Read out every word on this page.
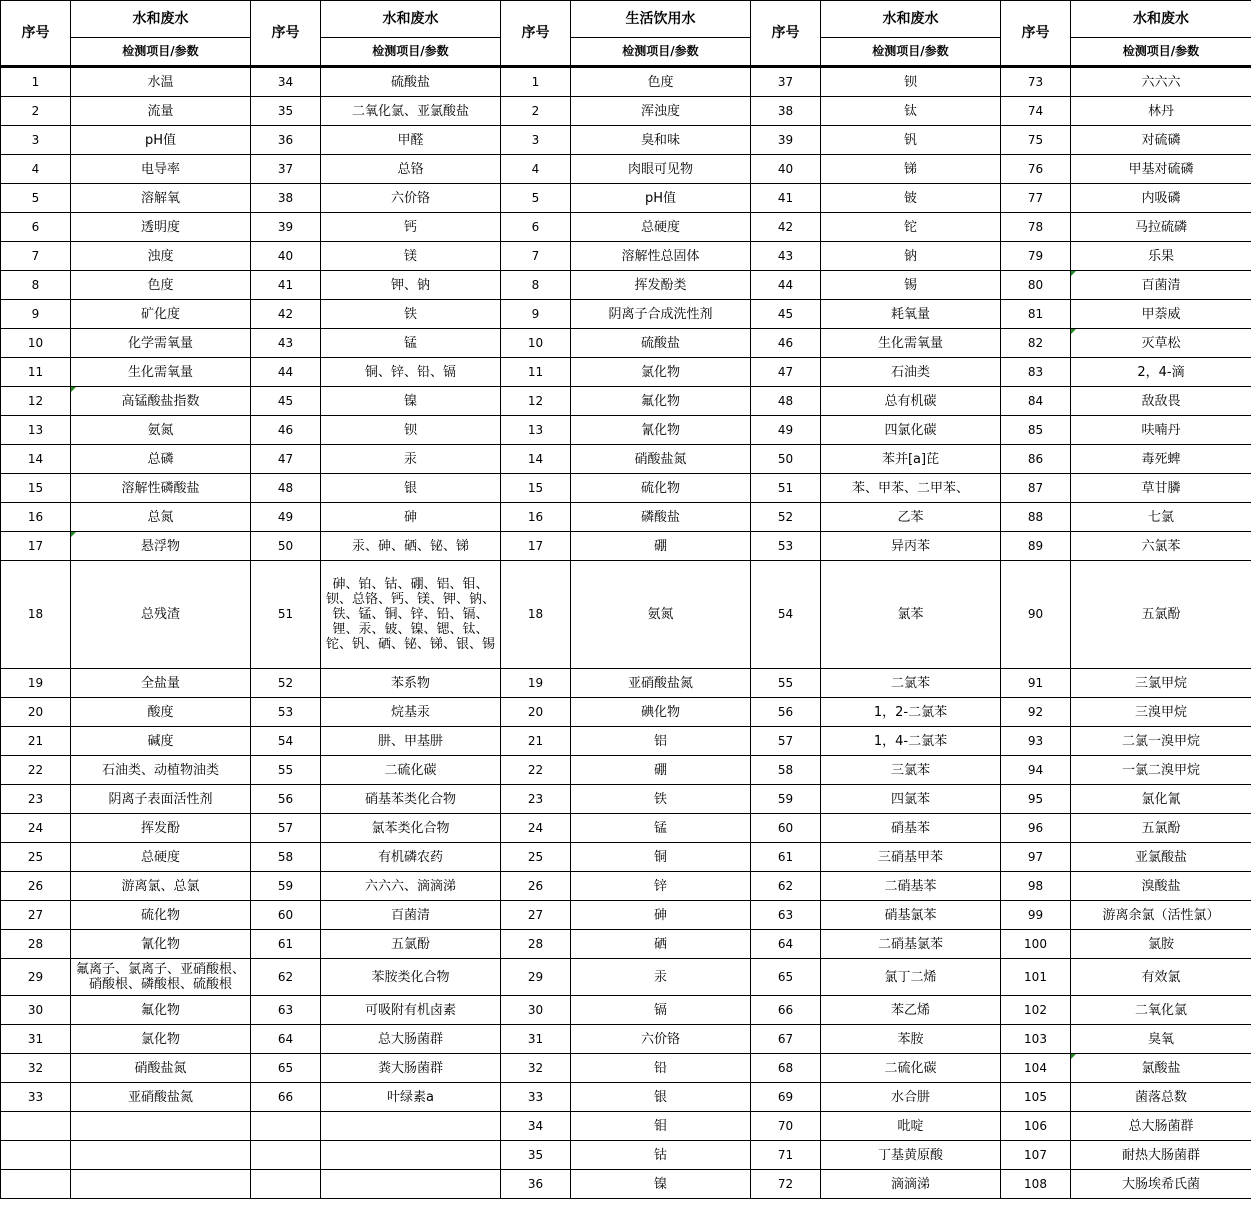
序号	水和废水	序号	水和废水	序号	生活饮用水	序号	水和废水	序号	水和废水
	检测项目/参数		检测项目/参数		检测项目/参数		检测项目/参数		检测项目/参数

1	水温	34	硫酸盐	1	色度	37	钡	73	六六六
2	流量	35	二氧化氯、亚氯酸盐	2	浑浊度	38	钛	74	林丹
3	pH值	36	甲醛	3	臭和味	39	钒	75	对硫磷
4	电导率	37	总铬	4	肉眼可见物	40	锑	76	甲基对硫磷
5	溶解氧	38	六价铬	5	pH值	41	铍	77	内吸磷
6	透明度	39	钙	6	总硬度	42	铊	78	马拉硫磷
7	浊度	40	镁	7	溶解性总固体	43	钠	79	乐果
8	色度	41	钾、钠	8	挥发酚类	44	锡	80	百菌清
9	矿化度	42	铁	9	阴离子合成洗性剂	45	耗氧量	81	甲萘威
10	化学需氧量	43	锰	10	硫酸盐	46	生化需氧量	82	灭草松
11	生化需氧量	44	铜、锌、铅、镉	11	氯化物	47	石油类	83	2，4-滴
12	高锰酸盐指数	45	镍	12	氟化物	48	总有机碳	84	敌敌畏
13	氨氮	46	钡	13	氰化物	49	四氯化碳	85	呋喃丹
14	总磷	47	汞	14	硝酸盐氮	50	苯并[a]芘	86	毒死蜱
15	溶解性磷酸盐	48	银	15	硫化物	51	苯、甲苯、二甲苯、	87	草甘膦
16	总氮	49	砷	16	磷酸盐	52	乙苯	88	七氯
17	悬浮物	50	汞、砷、硒、铋、锑	17	硼	53	异丙苯	89	六氯苯
18	总残渣	51	砷、铂、钴、硼、铝、钼、钡、总铬、钙、镁、钾、钠、铁、锰、铜、锌、铅、镉、锂、汞、铍、镍、锶、钛、铊、钒、硒、铋、锑、银、锡	18	氨氮	54	氯苯	90	五氯酚
19	全盐量	52	苯系物	19	亚硝酸盐氮	55	二氯苯	91	三氯甲烷
20	酸度	53	烷基汞	20	碘化物	56	1，2-二氯苯	92	三溴甲烷
21	碱度	54	肼、甲基肼	21	铝	57	1，4-二氯苯	93	二氯一溴甲烷
22	石油类、动植物油类	55	二硫化碳	22	硼	58	三氯苯	94	一氯二溴甲烷
23	阴离子表面活性剂	56	硝基苯类化合物	23	铁	59	四氯苯	95	氯化氰
24	挥发酚	57	氯苯类化合物	24	锰	60	硝基苯	96	五氯酚
25	总硬度	58	有机磷农药	25	铜	61	三硝基甲苯	97	亚氯酸盐
26	游离氯、总氯	59	六六六、滴滴涕	26	锌	62	二硝基苯	98	溴酸盐
27	硫化物	60	百菌清	27	砷	63	硝基氯苯	99	游离余氯（活性氯）
28	氰化物	61	五氯酚	28	硒	64	二硝基氯苯	100	氯胺
29	氟离子、氯离子、亚硝酸根、硝酸根、磷酸根、硫酸根	62	苯胺类化合物	29	汞	65	氯丁二烯	101	有效氯
30	氟化物	63	可吸附有机卤素	30	镉	66	苯乙烯	102	二氧化氯
31	氯化物	64	总大肠菌群	31	六价铬	67	苯胺	103	臭氧
32	硝酸盐氮	65	粪大肠菌群	32	铅	68	二硫化碳	104	氯酸盐
33	亚硝酸盐氮	66	叶绿素a	33	银	69	水合肼	105	菌落总数
				34	钼	70	吡啶	106	总大肠菌群
				35	钴	71	丁基黄原酸	107	耐热大肠菌群
				36	镍	72	滴滴涕	108	大肠埃希氏菌
